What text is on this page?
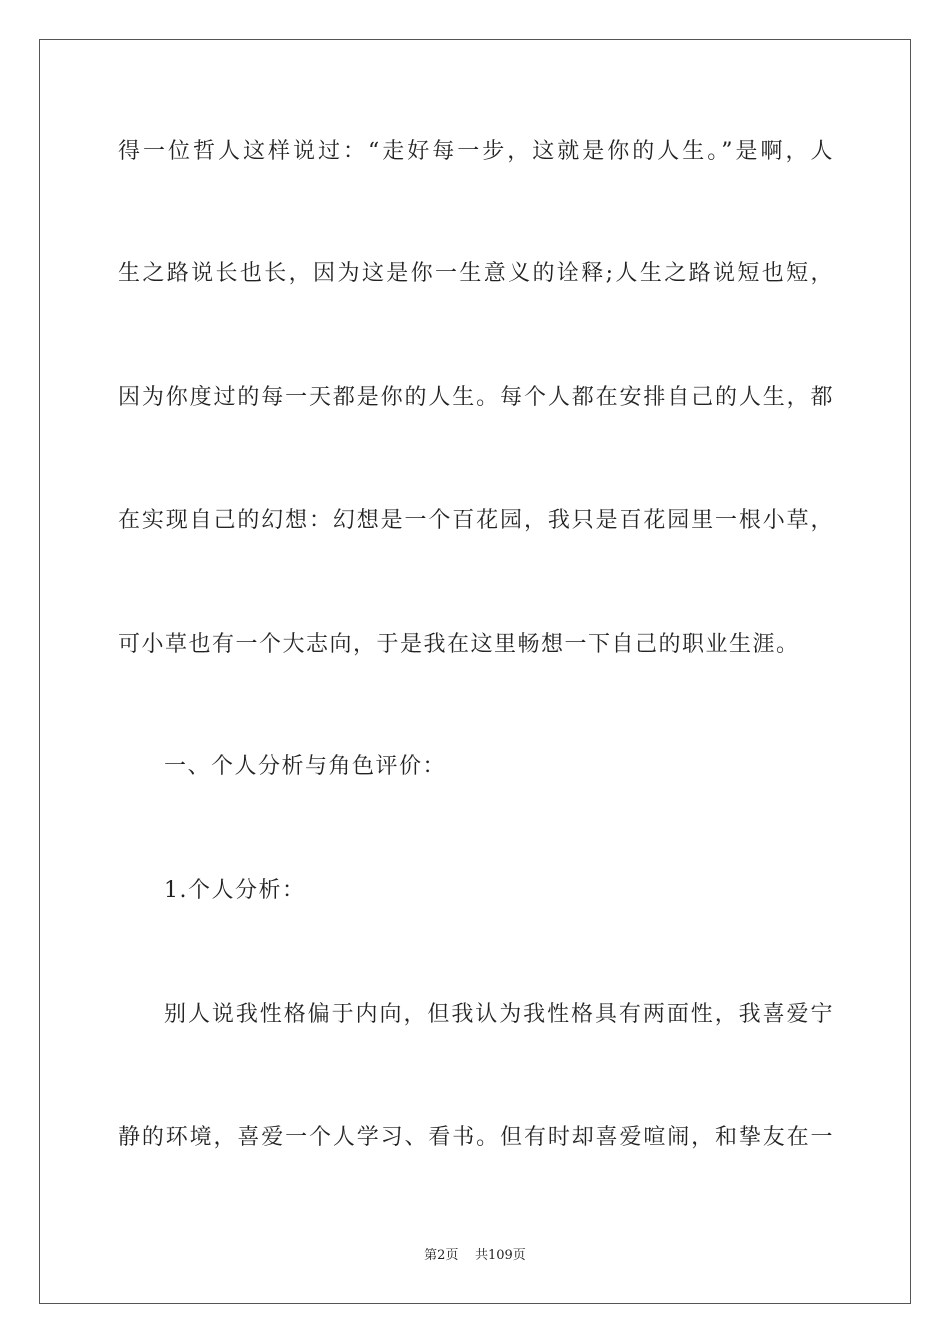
得一位哲人这样说过：“走好每一步，这就是你的人生。”是啊，人
生之路说长也长，因为这是你一生意义的诠释;人生之路说短也短，
因为你度过的每一天都是你的人生。每个人都在安排自己的人生，都
在实现自己的幻想：幻想是一个百花园，我只是百花园里一根小草，
可小草也有一个大志向，于是我在这里畅想一下自己的职业生涯。
一、个人分析与角色评价：
1.个人分析：
别人说我性格偏于内向，但我认为我性格具有两面性，我喜爱宁
静的环境，喜爱一个人学习、看书。但有时却喜爱喧闹，和挚友在一
第2页 共109页
